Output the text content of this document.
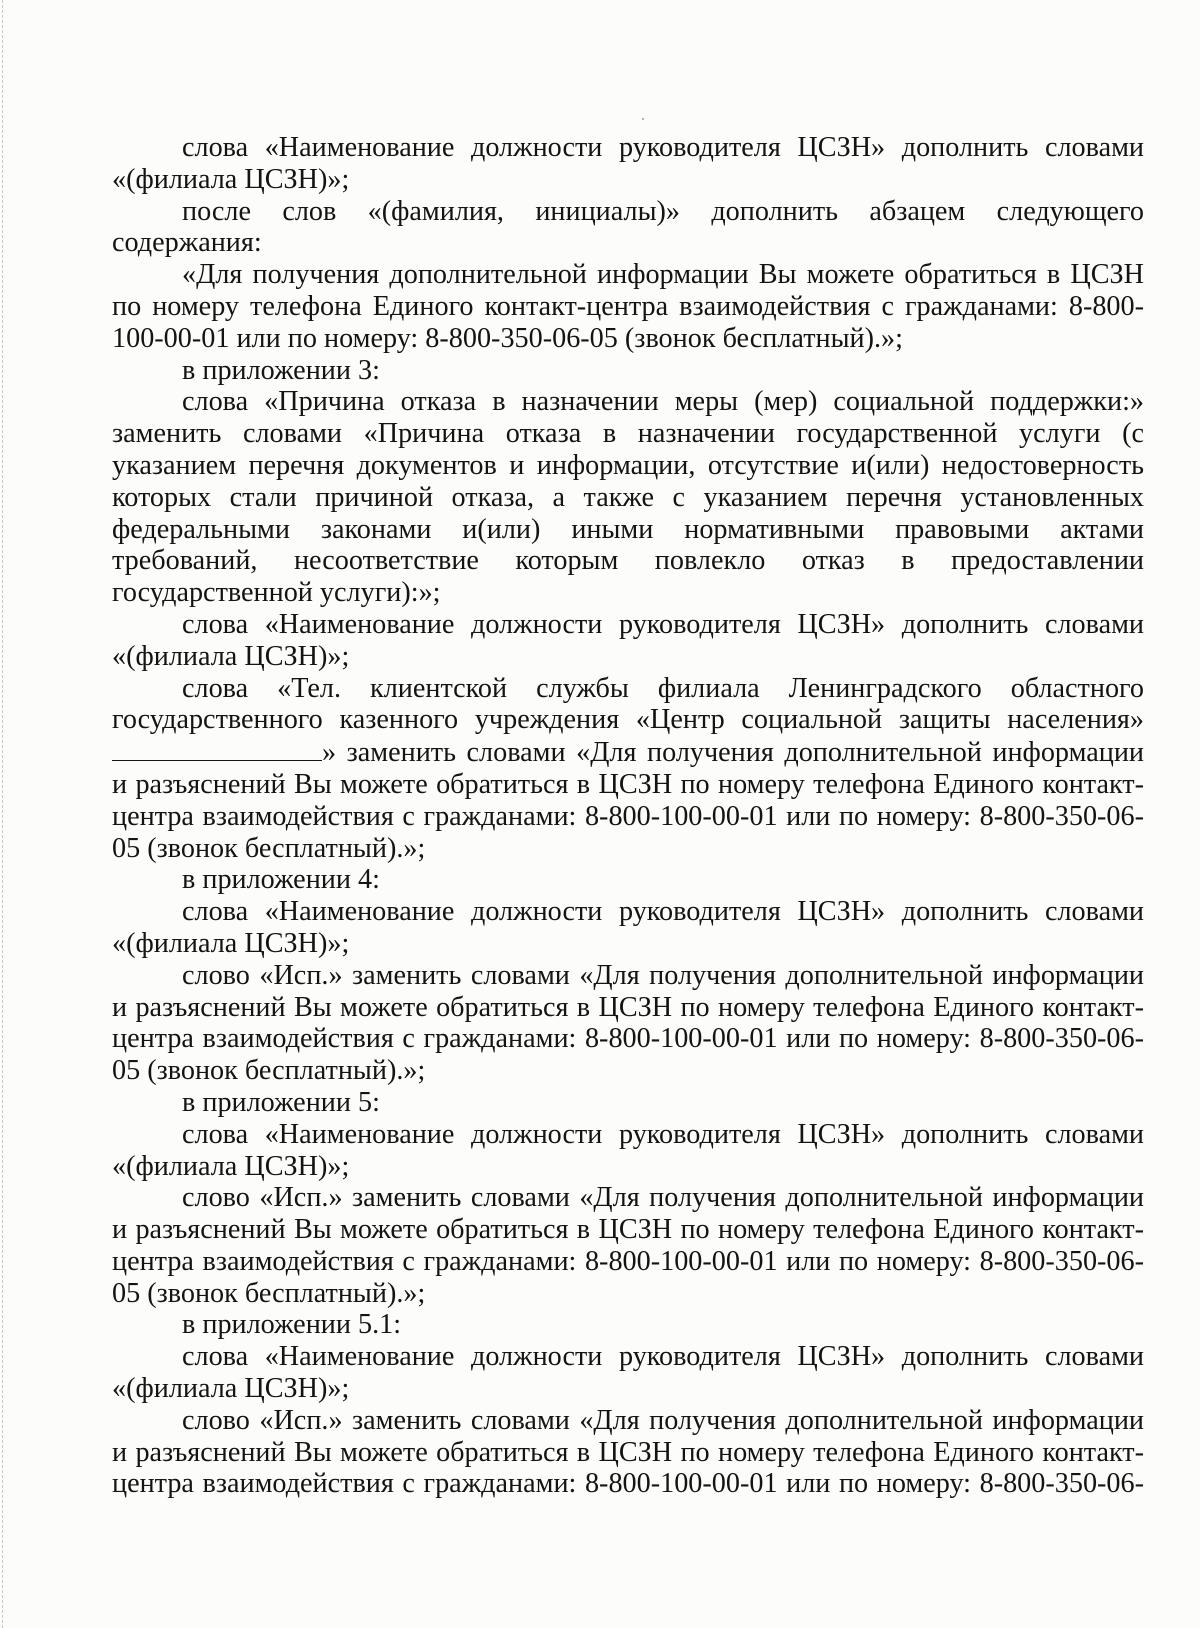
слова «Наименование должности руководителя ЦСЗН» дополнить словами «(филиала ЦСЗН)»;

после слов «(фамилия, инициалы)» дополнить абзацем следующего содержания:

«Для получения дополнительной информации Вы можете обратиться в ЦСЗН по номеру телефона Единого контакт-центра взаимодействия с гражданами: 8-800-100-00-01 или по номеру: 8-800-350-06-05 (звонок бесплатный).»;

в приложении 3:

слова «Причина отказа в назначении меры (мер) социальной поддержки:» заменить словами «Причина отказа в назначении государственной услуги (с указанием перечня документов и информации, отсутствие и(или) недостоверность которых стали причиной отказа, а также с указанием перечня установленных федеральными законами и(или) иными нормативными правовыми актами требований, несоответствие которым повлекло отказ в предоставлении государственной услуги):»;

слова «Наименование должности руководителя ЦСЗН» дополнить словами «(филиала ЦСЗН)»;

слова «Тел. клиентской службы филиала Ленинградского областного государственного казенного учреждения «Центр социальной защиты населения» » заменить словами «Для получения дополнительной информации и разъяснений Вы можете обратиться в ЦСЗН по номеру телефона Единого контакт-центра взаимодействия с гражданами: 8-800-100-00-01 или по номеру: 8-800-350-06-05 (звонок бесплатный).»;

в приложении 4:

слова «Наименование должности руководителя ЦСЗН» дополнить словами «(филиала ЦСЗН)»;

слово «Исп.» заменить словами «Для получения дополнительной информации и разъяснений Вы можете обратиться в ЦСЗН по номеру телефона Единого контакт-центра взаимодействия с гражданами: 8-800-100-00-01 или по номеру: 8-800-350-06-05 (звонок бесплатный).»;

в приложении 5:

слова «Наименование должности руководителя ЦСЗН» дополнить словами «(филиала ЦСЗН)»;

слово «Исп.» заменить словами «Для получения дополнительной информации и разъяснений Вы можете обратиться в ЦСЗН по номеру телефона Единого контакт-центра взаимодействия с гражданами: 8-800-100-00-01 или по номеру: 8-800-350-06-05 (звонок бесплатный).»;

в приложении 5.1:

слова «Наименование должности руководителя ЦСЗН» дополнить словами «(филиала ЦСЗН)»;

слово «Исп.» заменить словами «Для получения дополнительной информации и разъяснений Вы можете обратиться в ЦСЗН по номеру телефона Единого контакт-центра взаимодействия с гражданами: 8-800-100-00-01 или по номеру: 8-800-350-06-
